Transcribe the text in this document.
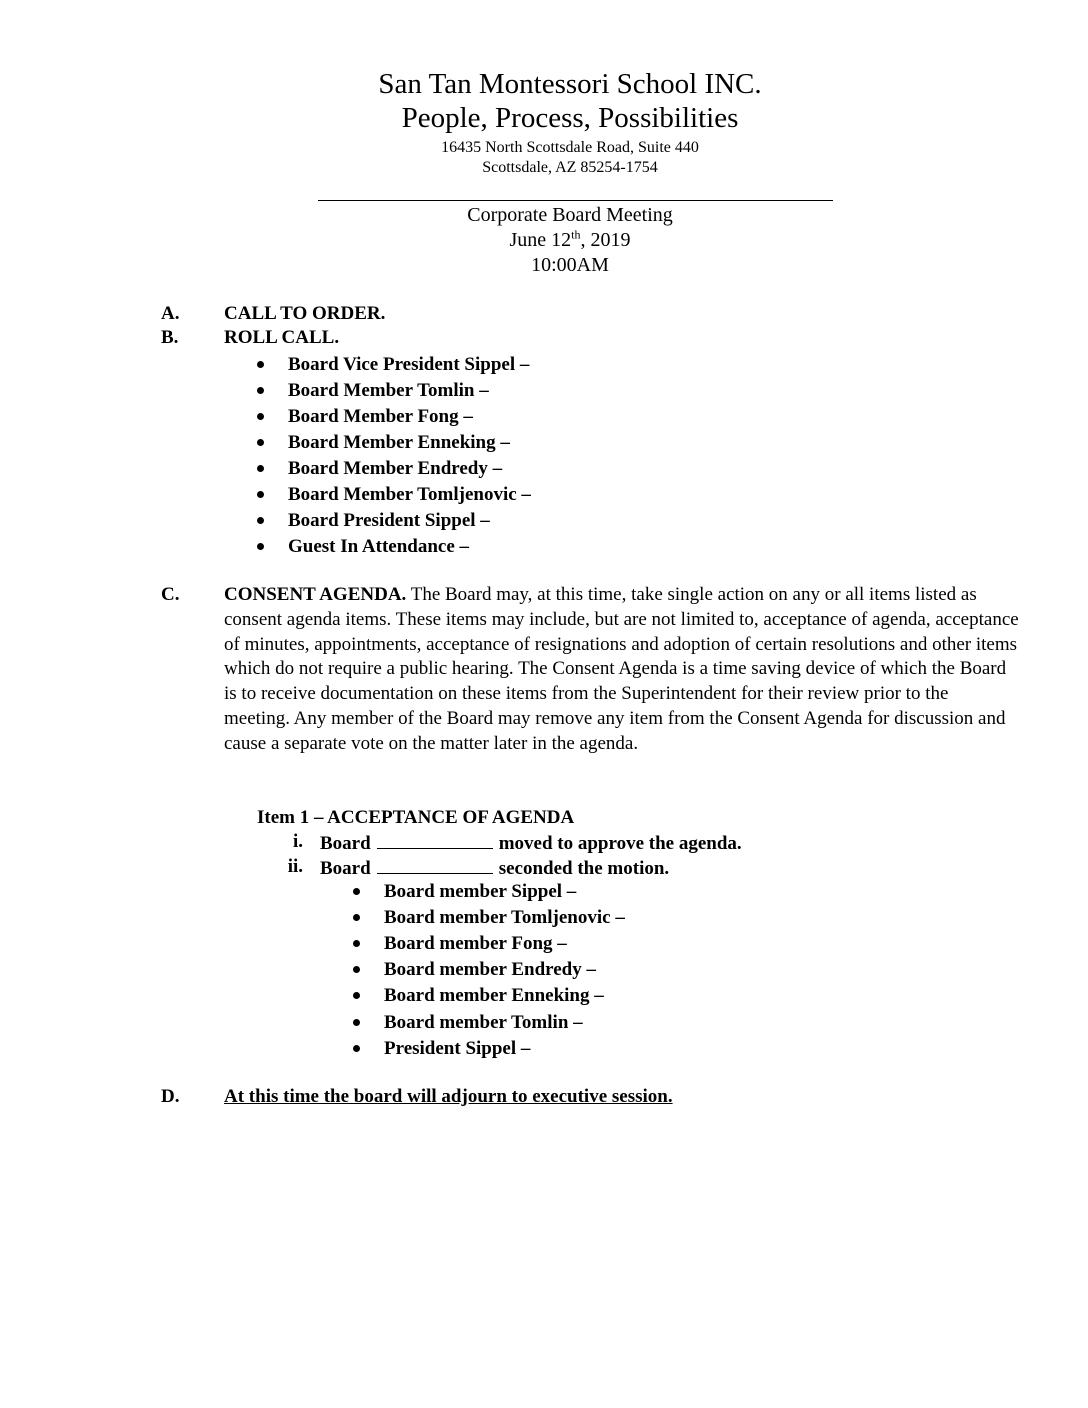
San Tan Montessori School INC.
People, Process, Possibilities
16435 North Scottsdale Road, Suite 440
Scottsdale, AZ 85254-1754
Corporate Board Meeting
June 12th, 2019
10:00AM
A. CALL TO ORDER.
B. ROLL CALL.
Board Vice President Sippel –
Board Member Tomlin –
Board Member Fong –
Board Member Enneking –
Board Member Endredy –
Board Member Tomljenovic –
Board President Sippel –
Guest In Attendance –
C. CONSENT AGENDA. The Board may, at this time, take single action on any or all items listed as consent agenda items. These items may include, but are not limited to, acceptance of agenda, acceptance of minutes, appointments, acceptance of resignations and adoption of certain resolutions and other items which do not require a public hearing. The Consent Agenda is a time saving device of which the Board is to receive documentation on these items from the Superintendent for their review prior to the meeting. Any member of the Board may remove any item from the Consent Agenda for discussion and cause a separate vote on the matter later in the agenda.
Item 1 – ACCEPTANCE OF AGENDA
i. Board	moved to approve the agenda.
ii. Board	seconded the motion.
Board member Sippel –
Board member Tomljenovic –
Board member Fong –
Board member Endredy –
Board member Enneking –
Board member Tomlin –
President Sippel –
D. At this time the board will adjourn to executive session.
